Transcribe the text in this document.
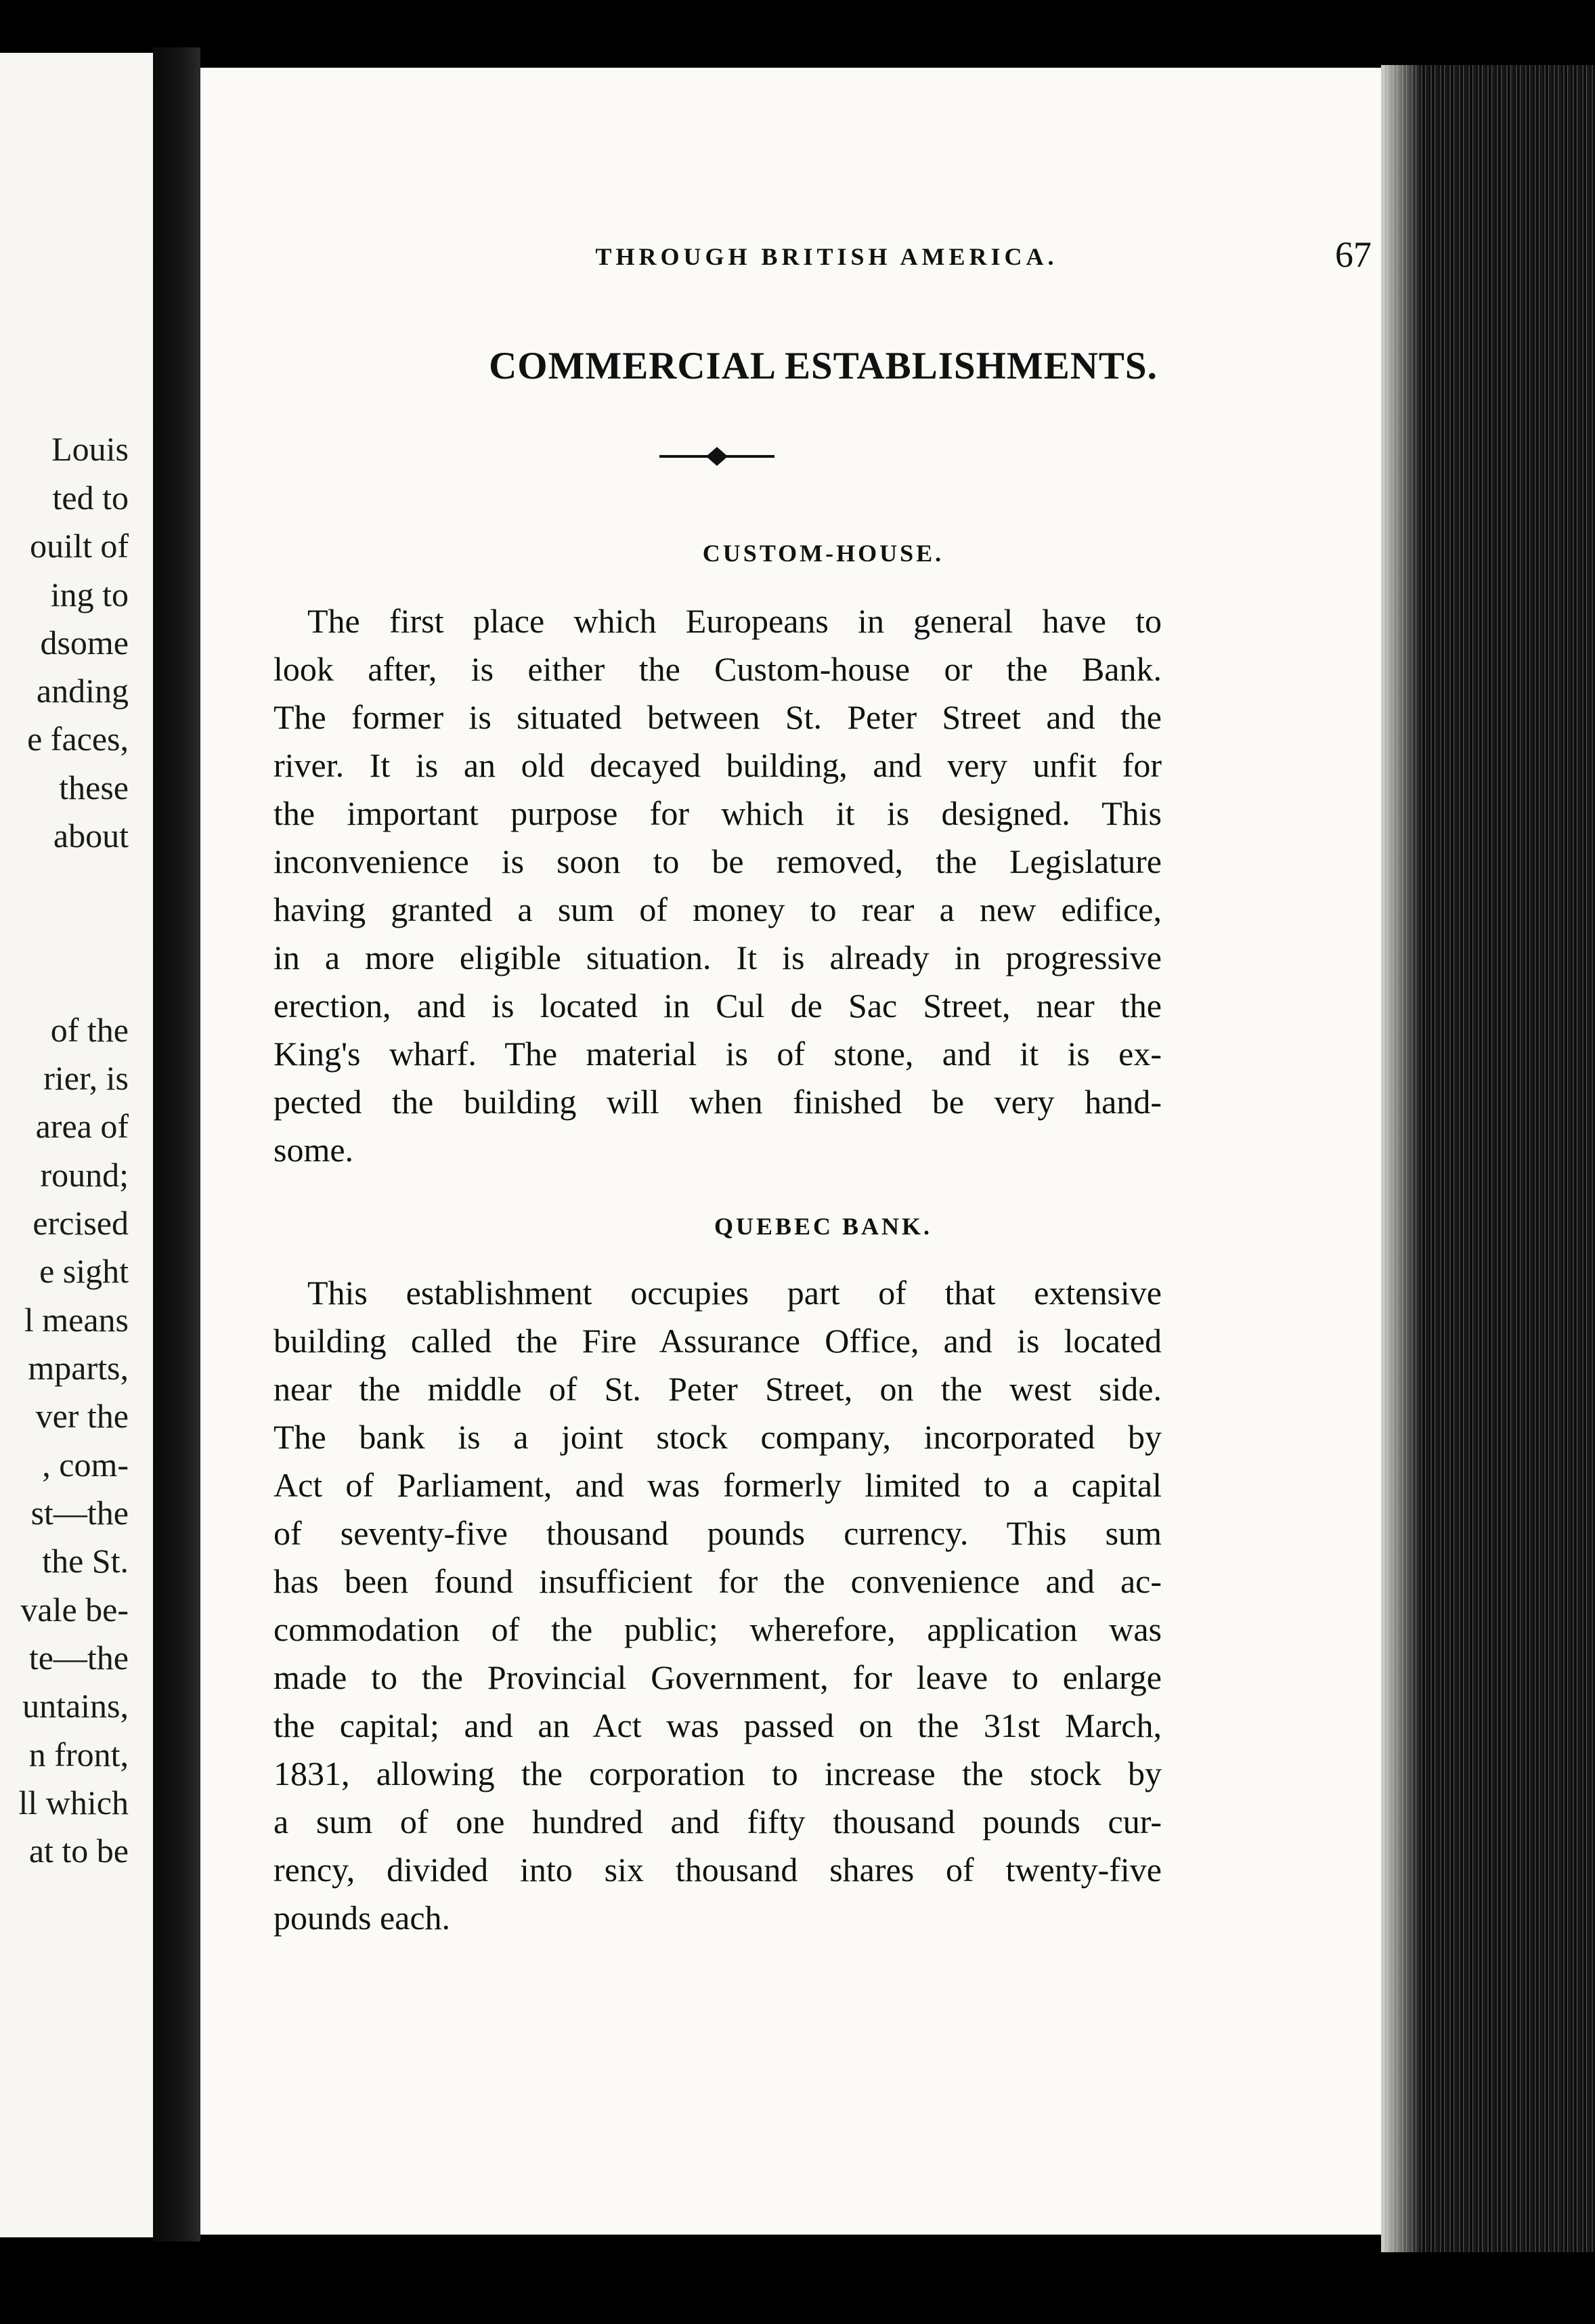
Louis
ted to
ouilt of
ing to
dsome
anding
e faces,
these
about
of the
rier, is
area of
round;
ercised
e sight
l means
mparts,
ver the
, com-
st—the
the St.
vale be-
te—the
untains,
n front,
ll which
at to be
THROUGH BRITISH AMERICA.	67
COMMERCIAL ESTABLISHMENTS.
CUSTOM-HOUSE.
The first place which Europeans in general have to
look after, is either the Custom-house or the Bank.
The former is situated between St. Peter Street and the
river. It is an old decayed building, and very unfit for
the important purpose for which it is designed. This
inconvenience is soon to be removed, the Legislature
having granted a sum of money to rear a new edifice,
in a more eligible situation. It is already in progressive
erection, and is located in Cul de Sac Street, near the
King's wharf. The material is of stone, and it is ex-
pected the building will when finished be very hand-
some.
QUEBEC BANK.
This establishment occupies part of that extensive
building called the Fire Assurance Office, and is located
near the middle of St. Peter Street, on the west side.
The bank is a joint stock company, incorporated by
Act of Parliament, and was formerly limited to a capital
of seventy-five thousand pounds currency. This sum
has been found insufficient for the convenience and ac-
commodation of the public; wherefore, application was
made to the Provincial Government, for leave to enlarge
the capital; and an Act was passed on the 31st March,
1831, allowing the corporation to increase the stock by
a sum of one hundred and fifty thousand pounds cur-
rency, divided into six thousand shares of twenty-five
pounds each.
